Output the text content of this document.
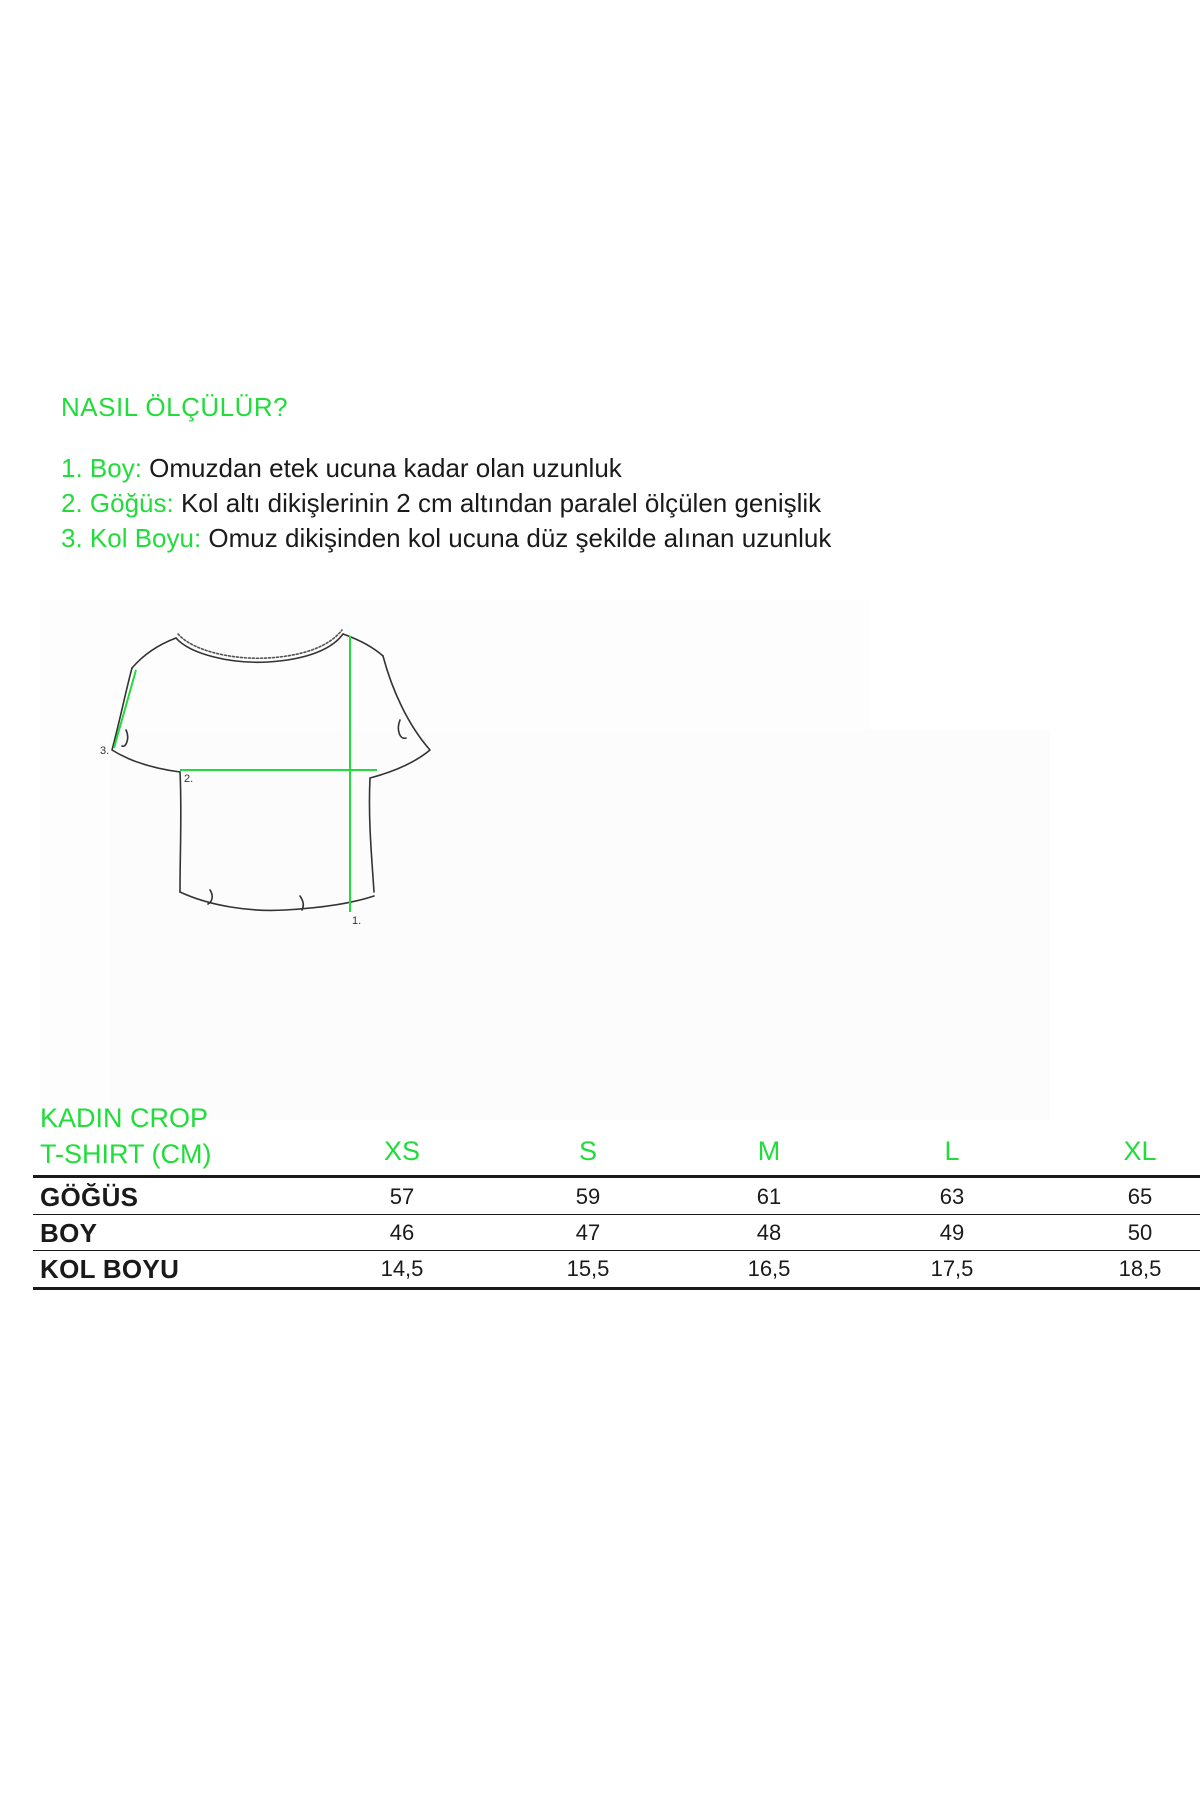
NASIL ÖLÇÜLÜR?
1. Boy: Omuzdan etek ucuna kadar olan uzunluk
2. Göğüs: Kol altı dikişlerinin 2 cm altından paralel ölçülen genişlik
3. Kol Boyu: Omuz dikişinden kol ucuna düz şekilde alınan uzunluk
1.
2.
3.
KADIN CROP
T-SHIRT (CM)	XS	S	M	L	XL
GÖĞÜS	57	59	61	63	65
BOY	46	47	48	49	50
KOL BOYU	14,5	15,5	16,5	17,5	18,5
